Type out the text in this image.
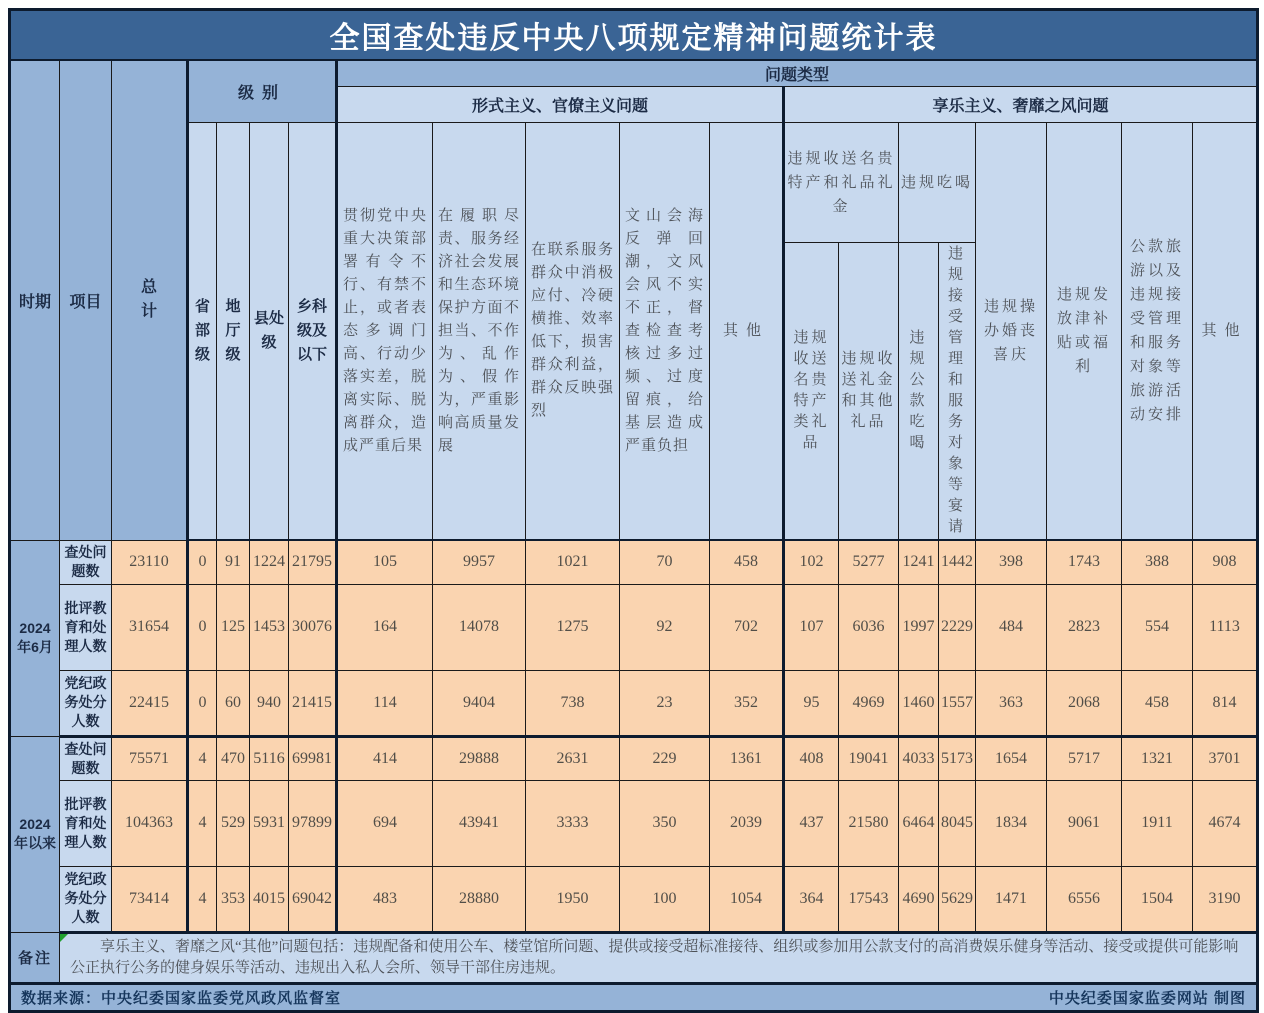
全国查处违反中央八项规定精神问题统计表																			
时期	项目	总计	级别				问题类型												
							形式主义、官僚主义问题					享乐主义、奢靡之风问题							
			省部级	地厅级	县处级	乡科级及以下	贯彻党中央重大决策部署有令不行、有禁不止，或者表态多调门高、行动少落实差，脱离实际、脱离群众，造成严重后果	在履职尽责、服务经济社会发展和生态环境保护方面不担当、不作为、乱作为、假作为，严重影响高质量发展	在联系服务群众中消极应付、冷硬横推、效率低下，损害群众利益，群众反映强烈	文山会海反弹回潮，文风会风不实不正，督查检查考核过多过频、过度留痕，给基层造成严重负担	其他	违规收送名贵特产和礼品礼金		违规吃喝		违规操办婚丧喜庆	违规发放津补贴或福利	公款旅游以及违规接受管理和服务对象等旅游活动安排	其他
												违规收送名贵特产类礼品	违规收送礼金和其他礼品	违规公款吃喝	违规接受管理和服务对象等宴请				
2024年6月	查处问题数	23110	0	91	1224	21795	105	9957	1021	70	458	102	5277	1241	1442	398	1743	388	908
	批评教育和处理人数	31654	0	125	1453	30076	164	14078	1275	92	702	107	6036	1997	2229	484	2823	554	1113
	党纪政务处分人数	22415	0	60	940	21415	114	9404	738	23	352	95	4969	1460	1557	363	2068	458	814
2024年以来	查处问题数	75571	4	470	5116	69981	414	29888	2631	229	1361	408	19041	4033	5173	1654	5717	1321	3701
	批评教育和处理人数	104363	4	529	5931	97899	694	43941	3333	350	2039	437	21580	6464	8045	1834	9061	1911	4674
	党纪政务处分人数	73414	4	353	4015	69042	483	28880	1950	100	1054	364	17543	4690	5629	1471	6556	1504	3190
备注	享乐主义、奢靡之风“其他”问题包括：违规配备和使用公车、楼堂馆所问题、提供或接受超标准接待、组织或参加用公款支付的高消费娱乐健身等活动、接受或提供可能影响公正执行公务的健身娱乐等活动、违规出入私人会所、领导干部住房违规。																		

数据来源：中央纪委国家监委党风政风监督室 中央纪委国家监委网站 制图																			
